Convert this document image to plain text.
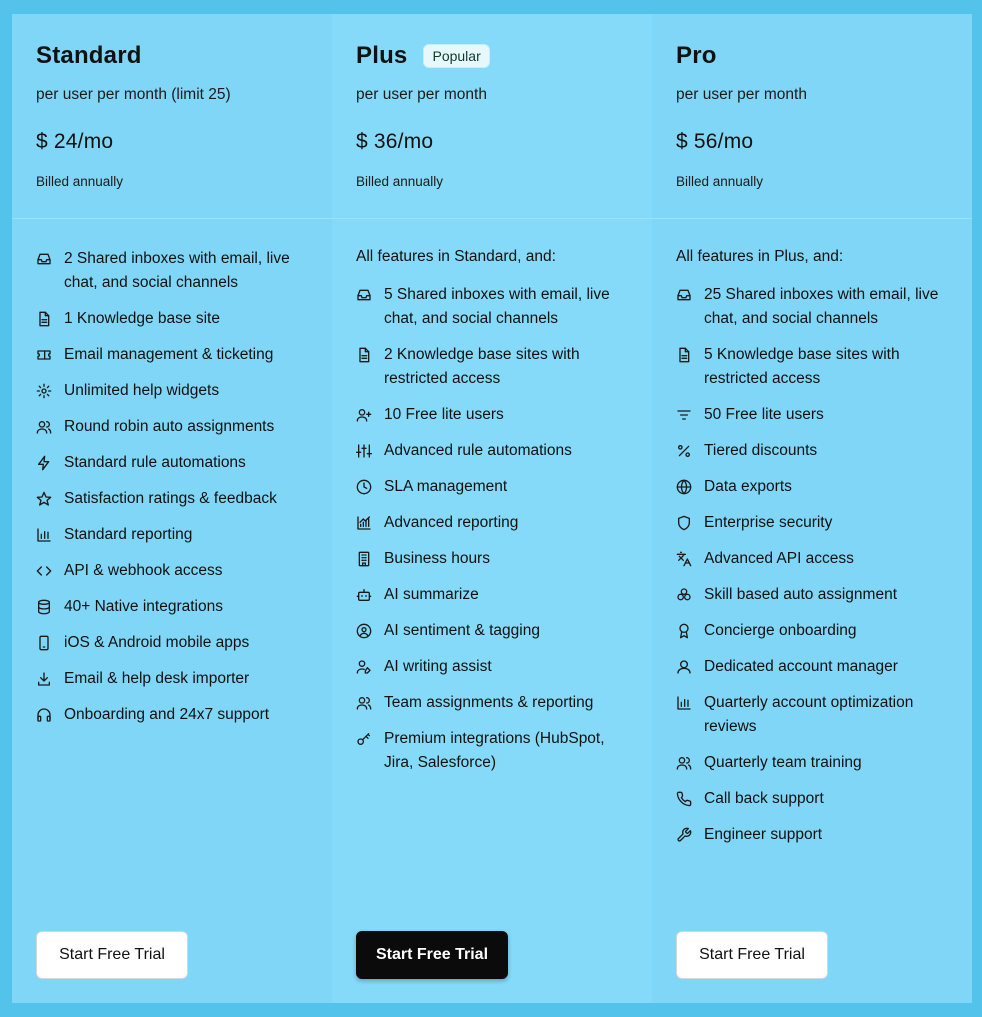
Standard
per user per month (limit 25)
$ 24/mo
Billed annually
2 Shared inboxes with email, live chat, and social channels
1 Knowledge base site
Email management & ticketing
Unlimited help widgets
Round robin auto assignments
Standard rule automations
Satisfaction ratings & feedback
Standard reporting
API & webhook access
40+ Native integrations
iOS & Android mobile apps
Email & help desk importer
Onboarding and 24x7 support
Start Free Trial
Plus	Popular
per user per month
$ 36/mo
Billed annually
All features in Standard, and:
5 Shared inboxes with email, live chat, and social channels
2 Knowledge base sites with restricted access
10 Free lite users
Advanced rule automations
SLA management
Advanced reporting
Business hours
AI summarize
AI sentiment & tagging
AI writing assist
Team assignments & reporting
Premium integrations (HubSpot, Jira, Salesforce)
Start Free Trial
Pro
per user per month
$ 56/mo
Billed annually
All features in Plus, and:
25 Shared inboxes with email, live chat, and social channels
5 Knowledge base sites with restricted access
50 Free lite users
Tiered discounts
Data exports
Enterprise security
Advanced API access
Skill based auto assignment
Concierge onboarding
Dedicated account manager
Quarterly account optimization reviews
Quarterly team training
Call back support
Engineer support
Start Free Trial
